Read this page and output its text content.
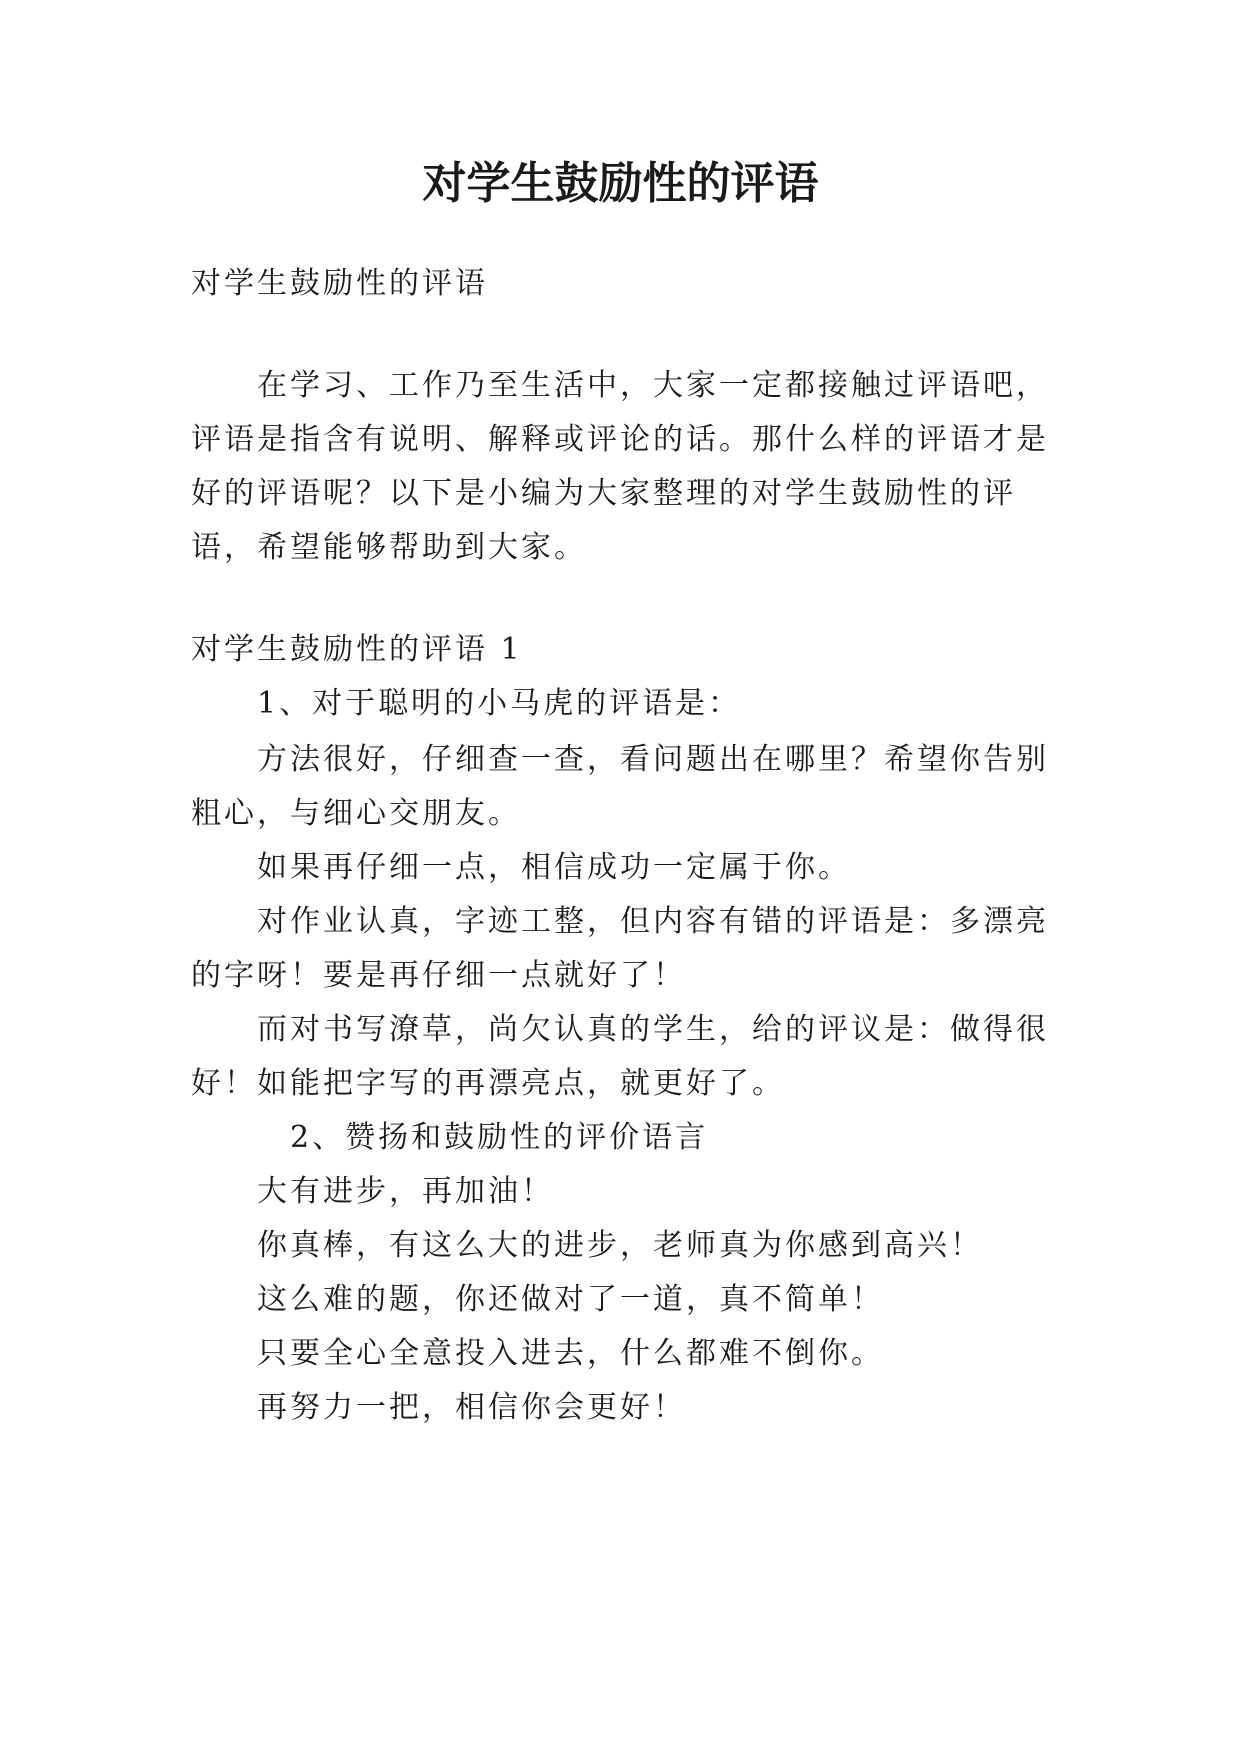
对学生鼓励性的评语
对学生鼓励性的评语
在学习、工作乃至生活中，大家一定都接触过评语吧，
评语是指含有说明、解释或评论的话。那什么样的评语才是
好的评语呢？以下是小编为大家整理的对学生鼓励性的评
语，希望能够帮助到大家。
对学生鼓励性的评语 1
1、对于聪明的小马虎的评语是：
方法很好，仔细查一查，看问题出在哪里？希望你告别
粗心，与细心交朋友。
如果再仔细一点，相信成功一定属于你。
对作业认真，字迹工整，但内容有错的评语是：多漂亮
的字呀！要是再仔细一点就好了！
而对书写潦草，尚欠认真的学生，给的评议是：做得很
好！如能把字写的再漂亮点，就更好了。
2、赞扬和鼓励性的评价语言
大有进步，再加油！
你真棒，有这么大的进步，老师真为你感到高兴！
这么难的题，你还做对了一道，真不简单！
只要全心全意投入进去，什么都难不倒你。
再努力一把，相信你会更好！
